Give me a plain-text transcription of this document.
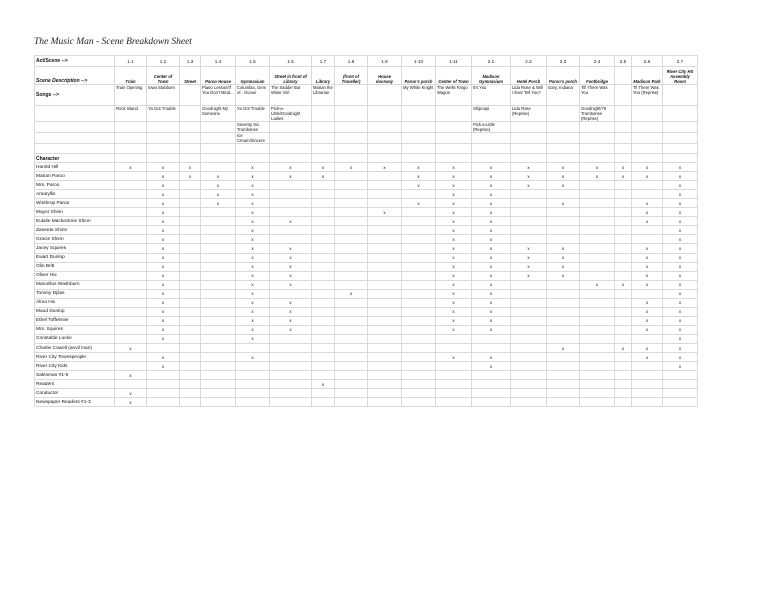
The Music Man - Scene Breakdown Sheet
Act/Scene -->	1.1	1.2	1.3	1.4	1.5	1.6	1.7	1.8	1.9	1-10	1-11	2.1	2.2	2.3	2.4	2.5	2.6	2.7
Scene Description -->	Train	Center of Town	Street	Paroo House	Gymnasium	Street in front of Library	Library	(front of Traveller)	House doorway	Paroo's porch	Center of Town	Madison Gymnasium	Hotel Porch	Paroo's porch	Footbridge		Madison Park	River City HS Assembly Room
Songs -->	Train Opening	Iowa Stubborn		Piano Lesson/If You Don't Mind...	Columbia, Gem of.. Ocean	The Sadder But Wiser Girl	Marian the Librarian			My White Knight	The Wells Fargo Wagon	It's You	Lida Rose & Will I Ever Tell You?	Gary, Indiana	Till There Was You		Til There Was You (Reprise)	
	Rock Island	Ya Got Trouble		Goodnight My Someone	Ya Got Trouble	Pick-a-Little/Goodnight Ladies						Shipoopi	Lida Rose (Reprise)		Goodnight/76 Trombones (Reprise)			
					Seventy Six Trombones							Pick-a-Little (Reprise)						
					Ice Cream/Sincere													

Character																		
Harold Hill	x	x	x		x	x	x	x	x	x	x	x	x	x	x	x	x	x
Marian Paroo		x	x	x	x	x	x			x	x	x	x	x	x	x	x	x
Mrs. Paroo		x		x	x					x	x	x	x	x				x
Amaryllis		x		x	x						x	x						x
Winthrop Paroo		x		x	x					x	x	x		x			x	x
Mayor Shinn		x			x				x		x	x					x	x
Eulalie Mackecknie Shinn		x			x	x					x	x					x	x
Zaneeta Shinn		x			x						x	x						x
Gracie Shinn		x			x						x	x						x
Jacey Squires		x			x	x					x	x	x	x			x	x
Ewart Dunlop		x			x	x					x	x	x	x			x	x
Olin Britt		x			x	x					x	x	x	x			x	x
Oliver Hix		x			x	x					x	x	x	x			x	x
Marcellus Washburn		x			x	x					x	x			x	x	x	x
Tommy Djilas		x			x			x			x	x						x
Alma Hix		x			x	x					x	x					x	x
Maud Dunlop		x			x	x					x	x					x	x
Ethel Toffelmier		x			x	x					x	x					x	x
Mrs. Squires		x			x	x					x	x					x	x
Constable Locke		x			x													x
Charlie Cowell (anvil man)	x													x		x	x	x
River City Townspeople		x			x						x	x					x	x
River City Kids		x										x						x
Salesman #1-5	x																	
Readers							x											
Conductor	x																	
Newspaper Readers #1-3	x																	
